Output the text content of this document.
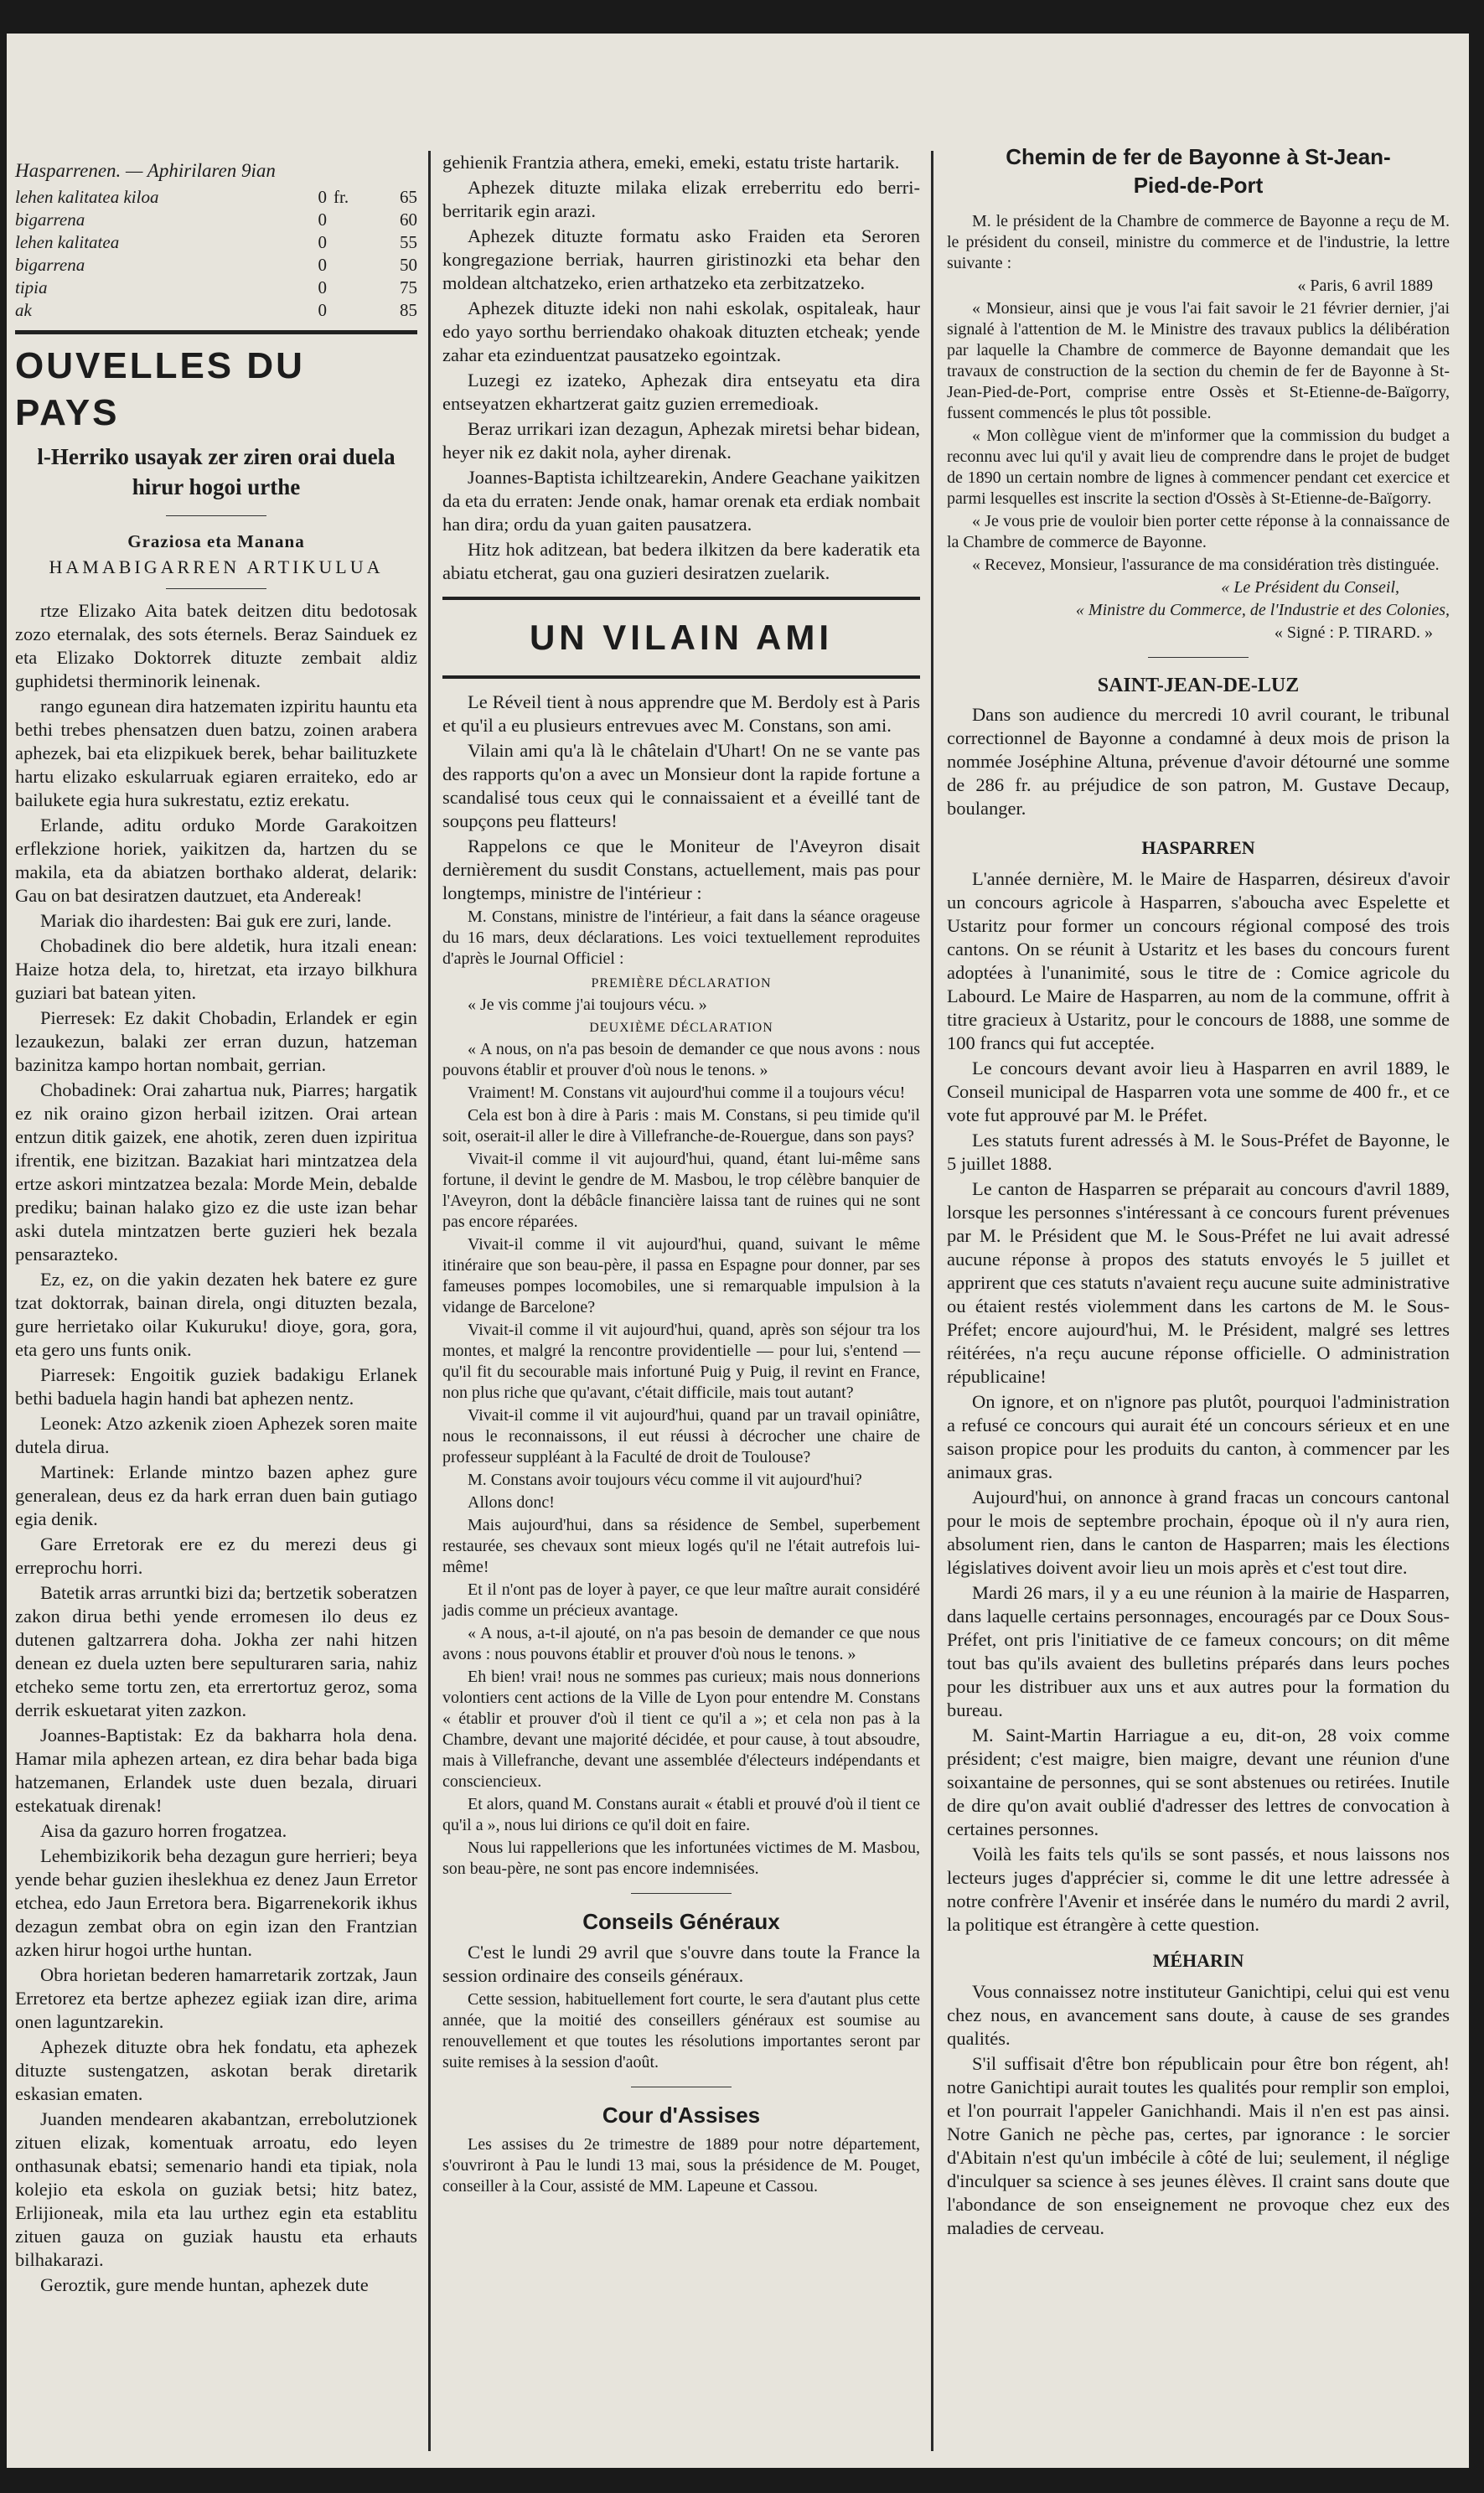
Hasparrenen. — Aphirilaren 9ian

lehen kalitatea kiloa	0 fr.	65
bigarrena	0	60
lehen kalitatea	0	55
bigarrena	0	50
tipia	0	75
ak	0	85
OUVELLES DU PAYS
l-Herriko usayak zer ziren orai duela
hirur hogoi urthe
Graziosa eta Manana
HAMABIGARREN ARTIKULUA

rtze Elizako Aita batek deitzen ditu bedotosak zozo eternalak, des sots éternels. Beraz Sainduek ez eta Elizako Doktorrek dituzte zembait aldiz guphidetsi therminorik leinenak.

rango egunean dira hatzematen izpiritu hauntu eta bethi trebes phensatzen duen batzu, zoinen arabera aphezek, bai eta elizpikuek berek, behar bailituzkete hartu elizako eskularruak egiaren erraiteko, edo ar bailukete egia hura sukrestatu, eztiz erekatu.

Erlande, aditu orduko Morde Garakoitzen erflekzione horiek, yaikitzen da, hartzen du se makila, eta da abiatzen borthako alderat, delarik: Gau on bat desiratzen dautzuet, eta Andereak!

Mariak dio ihardesten: Bai guk ere zuri, lande.

Chobadinek dio bere aldetik, hura itzali enean: Haize hotza dela, to, hiretzat, eta irzayo bilkhura guziari bat batean yiten.

Pierresek: Ez dakit Chobadin, Erlandek er egin lezaukezun, balaki zer erran duzun, hatzeman bazinitza kampo hortan nombait, gerrian.

Chobadinek: Orai zahartua nuk, Piarres; hargatik ez nik oraino gizon herbail izitzen. Orai artean entzun ditik gaizek, ene ahotik, zeren duen izpiritua ifrentik, ene bizitzan. Bazakiat hari mintzatzea dela ertze askori mintzatzea bezala: Morde Mein, debalde prediku; bainan halako gizo ez die uste izan behar aski dutela mintzatzen berte guzieri hek bezala pensarazteko.

Ez, ez, on die yakin dezaten hek batere ez gure tzat doktorrak, bainan direla, ongi dituzten bezala, gure herrietako oilar Kukuruku! dioye, gora, gora, eta gero uns funts onik.

Piarresek: Engoitik guziek badakigu Erlanek bethi baduela hagin handi bat aphezen nentz.

Leonek: Atzo azkenik zioen Aphezek soren maite dutela dirua.

Martinek: Erlande mintzo bazen aphez gure generalean, deus ez da hark erran duen bain gutiago egia denik.

Gare Erretorak ere ez du merezi deus gi erreprochu horri.

Batetik arras arruntki bizi da; bertzetik soberatzen zakon dirua bethi yende erromesen ilo deus ez dutenen galtzarrera doha. Jokha zer nahi hitzen denean ez duela uzten bere sepulturaren saria, nahiz etcheko seme tortu zen, eta errertortuz geroz, soma derrik eskuetarat yiten zazkon.

Joannes-Baptistak: Ez da bakharra hola dena. Hamar mila aphezen artean, ez dira behar bada biga hatzemanen, Erlandek uste duen bezala, diruari estekatuak direnak!

Aisa da gazuro horren frogatzea.

Lehembizikorik beha dezagun gure herrieri; beya yende behar guzien iheslekhua ez denez Jaun Erretor etchea, edo Jaun Erretora bera. Bigarrenekorik ikhus dezagun zembat obra on egin izan den Frantzian azken hirur hogoi urthe huntan.

Obra horietan bederen hamarretarik zortzak, Jaun Erretorez eta bertze aphezez egiiak izan dire, arima onen laguntzarekin.

Aphezek dituzte obra hek fondatu, eta aphezek dituzte sustengatzen, askotan berak diretarik eskasian ematen.

Juanden mendearen akabantzan, errebolutzionek zituen elizak, komentuak arroatu, edo leyen onthasunak ebatsi; semenario handi eta tipiak, nola kolejio eta eskola on guziak betsi; hitz batez, Erlijioneak, mila eta lau urthez egin eta establitu zituen gauza on guziak haustu eta erhauts bilhakarazi.

Geroztik, gure mende huntan, aphezek dute

gehienik Frantzia athera, emeki, emeki, estatu triste hartarik.

Aphezek dituzte milaka elizak erreberritu edo berri-berritarik egin arazi.

Aphezek dituzte formatu asko Fraiden eta Seroren kongregazione berriak, haurren giristinozki eta behar den moldean altchatzeko, erien arthatzeko eta zerbitzatzeko.

Aphezek dituzte ideki non nahi eskolak, ospitaleak, haur edo yayo sorthu berriendako ohakoak dituzten etcheak; yende zahar eta ezinduentzat pausatzeko egointzak.

Luzegi ez izateko, Aphezak dira entseyatu eta dira entseyatzen ekhartzerat gaitz guzien erremedioak.

Beraz urrikari izan dezagun, Aphezak miretsi behar bidean, heyer nik ez dakit nola, ayher direnak.

Joannes-Baptista ichiltzearekin, Andere Geachane yaikitzen da eta du erraten: Jende onak, hamar orenak eta erdiak nombait han dira; ordu da yuan gaiten pausatzera.

Hitz hok aditzean, bat bedera ilkitzen da bere kaderatik eta abiatu etcherat, gau ona guzieri desiratzen zuelarik.

UN VILAIN AMI

Le Réveil tient à nous apprendre que M. Berdoly est à Paris et qu'il a eu plusieurs entrevues avec M. Constans, son ami.

Vilain ami qu'a là le châtelain d'Uhart! On ne se vante pas des rapports qu'on a avec un Monsieur dont la rapide fortune a scandalisé tous ceux qui le connaissaient et a éveillé tant de soupçons peu flatteurs!

Rappelons ce que le Moniteur de l'Aveyron disait dernièrement du susdit Constans, actuellement, mais pas pour longtemps, ministre de l'intérieur :

M. Constans, ministre de l'intérieur, a fait dans la séance orageuse du 16 mars, deux déclarations. Les voici textuellement reproduites d'après le Journal Officiel :

PREMIÈRE DÉCLARATION

« Je vis comme j'ai toujours vécu. »

DEUXIÈME DÉCLARATION

« A nous, on n'a pas besoin de demander ce que nous avons : nous pouvons établir et prouver d'où nous le tenons. »

Vraiment! M. Constans vit aujourd'hui comme il a toujours vécu!

Cela est bon à dire à Paris : mais M. Constans, si peu timide qu'il soit, oserait-il aller le dire à Villefranche-de-Rouergue, dans son pays?

Vivait-il comme il vit aujourd'hui, quand, étant lui-même sans fortune, il devint le gendre de M. Masbou, le trop célèbre banquier de l'Aveyron, dont la débâcle financière laissa tant de ruines qui ne sont pas encore réparées.

Vivait-il comme il vit aujourd'hui, quand, suivant le même itinéraire que son beau-père, il passa en Espagne pour donner, par ses fameuses pompes locomobiles, une si remarquable impulsion à la vidange de Barcelone?

Vivait-il comme il vit aujourd'hui, quand, après son séjour tra los montes, et malgré la rencontre providentielle — pour lui, s'entend — qu'il fit du secourable mais infortuné Puig y Puig, il revint en France, non plus riche que qu'avant, c'était difficile, mais tout autant?

Vivait-il comme il vit aujourd'hui, quand par un travail opiniâtre, nous le reconnaissons, il eut réussi à décrocher une chaire de professeur suppléant à la Faculté de droit de Toulouse?

M. Constans avoir toujours vécu comme il vit aujourd'hui?

Allons donc!

Mais aujourd'hui, dans sa résidence de Sembel, superbement restaurée, ses chevaux sont mieux logés qu'il ne l'était autrefois lui-même!

Et il n'ont pas de loyer à payer, ce que leur maître aurait considéré jadis comme un précieux avantage.

« A nous, a-t-il ajouté, on n'a pas besoin de demander ce que nous avons : nous pouvons établir et prouver d'où nous le tenons. »

Eh bien! vrai! nous ne sommes pas curieux; mais nous donnerions volontiers cent actions de la Ville de Lyon pour entendre M. Constans « établir et prouver d'où il tient ce qu'il a »; et cela non pas à la Chambre, devant une majorité décidée, et pour cause, à tout absoudre, mais à Villefranche, devant une assemblée d'électeurs indépendants et consciencieux.

Et alors, quand M. Constans aurait « établi et prouvé d'où il tient ce qu'il a », nous lui dirions ce qu'il doit en faire.

Nous lui rappellerions que les infortunées victimes de M. Masbou, son beau-père, ne sont pas encore indemnisées.

Conseils Généraux

C'est le lundi 29 avril que s'ouvre dans toute la France la session ordinaire des conseils généraux.

Cette session, habituellement fort courte, le sera d'autant plus cette année, que la moitié des conseillers généraux est soumise au renouvellement et que toutes les résolutions importantes seront par suite remises à la session d'août.

Cour d'Assises

Les assises du 2e trimestre de 1889 pour notre département, s'ouvriront à Pau le lundi 13 mai, sous la présidence de M. Pouget, conseiller à la Cour, assisté de MM. Lapeune et Cassou.

Chemin de fer de Bayonne à St-Jean-Pied-de-Port

M. le président de la Chambre de commerce de Bayonne a reçu de M. le président du conseil, ministre du commerce et de l'industrie, la lettre suivante :

« Paris, 6 avril 1889

« Monsieur, ainsi que je vous l'ai fait savoir le 21 février dernier, j'ai signalé à l'attention de M. le Ministre des travaux publics la délibération par laquelle la Chambre de commerce de Bayonne demandait que les travaux de construction de la section du chemin de fer de Bayonne à St-Jean-Pied-de-Port, comprise entre Ossès et St-Etienne-de-Baïgorry, fussent commencés le plus tôt possible.

« Mon collègue vient de m'informer que la commission du budget a reconnu avec lui qu'il y avait lieu de comprendre dans le projet de budget de 1890 un certain nombre de lignes à commencer pendant cet exercice et parmi lesquelles est inscrite la section d'Ossès à St-Etienne-de-Baïgorry.

« Je vous prie de vouloir bien porter cette réponse à la connaissance de la Chambre de commerce de Bayonne.

« Recevez, Monsieur, l'assurance de ma considération très distinguée.

« Le Président du Conseil,

« Ministre du Commerce, de l'Industrie et des Colonies,

« Signé : P. TIRARD. »

SAINT-JEAN-DE-LUZ

Dans son audience du mercredi 10 avril courant, le tribunal correctionnel de Bayonne a condamné à deux mois de prison la nommée Joséphine Altuna, prévenue d'avoir détourné une somme de 286 fr. au préjudice de son patron, M. Gustave Decaup, boulanger.

HASPARREN

L'année dernière, M. le Maire de Hasparren, désireux d'avoir un concours agricole à Hasparren, s'aboucha avec Espelette et Ustaritz pour former un concours régional composé des trois cantons. On se réunit à Ustaritz et les bases du concours furent adoptées à l'unanimité, sous le titre de : Comice agricole du Labourd. Le Maire de Hasparren, au nom de la commune, offrit à titre gracieux à Ustaritz, pour le concours de 1888, une somme de 100 francs qui fut acceptée.

Le concours devant avoir lieu à Hasparren en avril 1889, le Conseil municipal de Hasparren vota une somme de 400 fr., et ce vote fut approuvé par M. le Préfet.

Les statuts furent adressés à M. le Sous-Préfet de Bayonne, le 5 juillet 1888.

Le canton de Hasparren se préparait au concours d'avril 1889, lorsque les personnes s'intéressant à ce concours furent prévenues par M. le Président que M. le Sous-Préfet ne lui avait adressé aucune réponse à propos des statuts envoyés le 5 juillet et apprirent que ces statuts n'avaient reçu aucune suite administrative ou étaient restés violemment dans les cartons de M. le Sous-Préfet; encore aujourd'hui, M. le Président, malgré ses lettres réitérées, n'a reçu aucune réponse officielle. O administration républicaine!

On ignore, et on n'ignore pas plutôt, pourquoi l'administration a refusé ce concours qui aurait été un concours sérieux et en une saison propice pour les produits du canton, à commencer par les animaux gras.

Aujourd'hui, on annonce à grand fracas un concours cantonal pour le mois de septembre prochain, époque où il n'y aura rien, absolument rien, dans le canton de Hasparren; mais les élections législatives doivent avoir lieu un mois après et c'est tout dire.

Mardi 26 mars, il y a eu une réunion à la mairie de Hasparren, dans laquelle certains personnages, encouragés par ce Doux Sous-Préfet, ont pris l'initiative de ce fameux concours; on dit même tout bas qu'ils avaient des bulletins préparés dans leurs poches pour les distribuer aux uns et aux autres pour la formation du bureau.

M. Saint-Martin Harriague a eu, dit-on, 28 voix comme président; c'est maigre, bien maigre, devant une réunion d'une soixantaine de personnes, qui se sont abstenues ou retirées. Inutile de dire qu'on avait oublié d'adresser des lettres de convocation à certaines personnes.

Voilà les faits tels qu'ils se sont passés, et nous laissons nos lecteurs juges d'apprécier si, comme le dit une lettre adressée à notre confrère l'Avenir et insérée dans le numéro du mardi 2 avril, la politique est étrangère à cette question.

MÉHARIN

Vous connaissez notre instituteur Ganichtipi, celui qui est venu chez nous, en avancement sans doute, à cause de ses grandes qualités.

S'il suffisait d'être bon républicain pour être bon régent, ah! notre Ganichtipi aurait toutes les qualités pour remplir son emploi, et l'on pourrait l'appeler Ganichhandi. Mais il n'en est pas ainsi. Notre Ganich ne pèche pas, certes, par ignorance : le sorcier d'Abitain n'est qu'un imbécile à côté de lui; seulement, il néglige d'inculquer sa science à ses jeunes élèves. Il craint sans doute que l'abondance de son enseignement ne provoque chez eux des maladies de cerveau.
